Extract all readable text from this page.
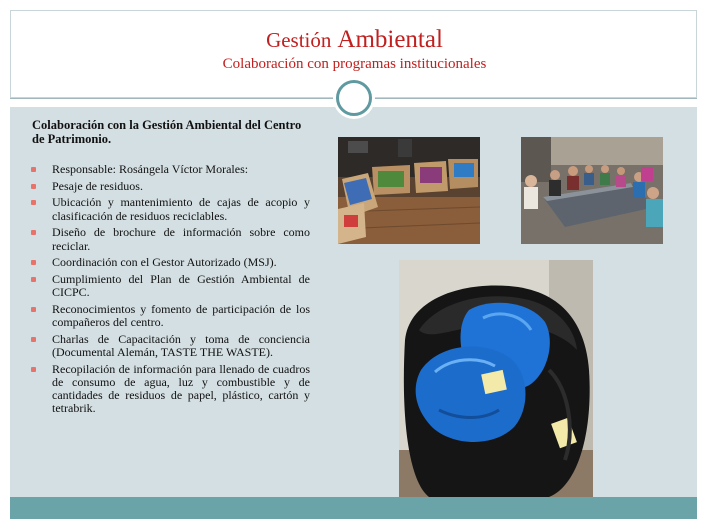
Gestión Ambiental
Colaboración con programas institucionales
Colaboración con la Gestión Ambiental del Centro de Patrimonio.
Responsable: Rosángela Víctor Morales:
Pesaje de residuos.
Ubicación y mantenimiento de cajas de acopio y clasificación de residuos reciclables.
Diseño de brochure de información sobre como reciclar.
Coordinación con el Gestor Autorizado (MSJ).
Cumplimiento del Plan de Gestión Ambiental de CICPC.
Reconocimientos y fomento de participación de los compañeros del centro.
Charlas de Capacitación y toma de conciencia (Documental Alemán, TASTE THE WASTE).
Recopilación de información para llenado de cuadros de consumo de agua, luz y combustible y de cantidades de residuos de papel, plástico, cartón y tetrabrik.
